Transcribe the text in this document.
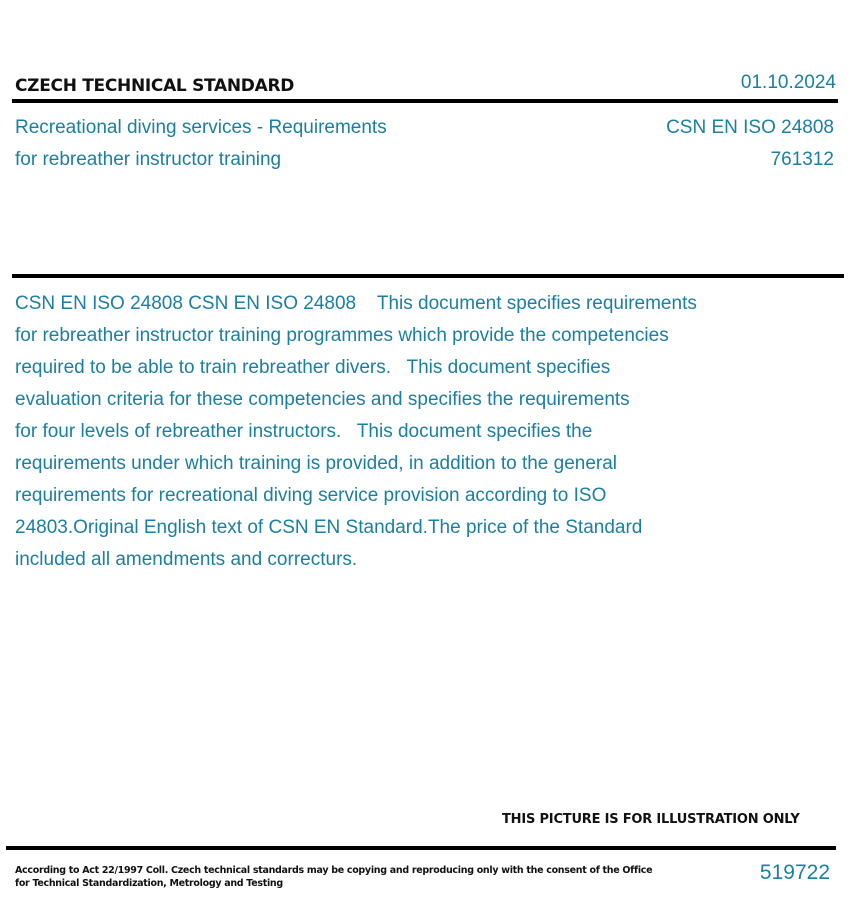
CZECH TECHNICAL STANDARD	01.10.2024
Recreational diving services - Requirements
for rebreather instructor training
CSN EN ISO 24808
761312
CSN EN ISO 24808 CSN EN ISO 24808    This document specifies requirements
for rebreather instructor training programmes which provide the competencies
required to be able to train rebreather divers.   This document specifies
evaluation criteria for these competencies and specifies the requirements
for four levels of rebreather instructors.   This document specifies the
requirements under which training is provided, in addition to the general
requirements for recreational diving service provision according to ISO
24803.Original English text of CSN EN Standard.The price of the Standard
included all amendments and correcturs.
THIS PICTURE IS FOR ILLUSTRATION ONLY
According to Act 22/1997 Coll. Czech technical standards may be copying and reproducing only with the consent of the Office
for Technical Standardization, Metrology and Testing	519722
